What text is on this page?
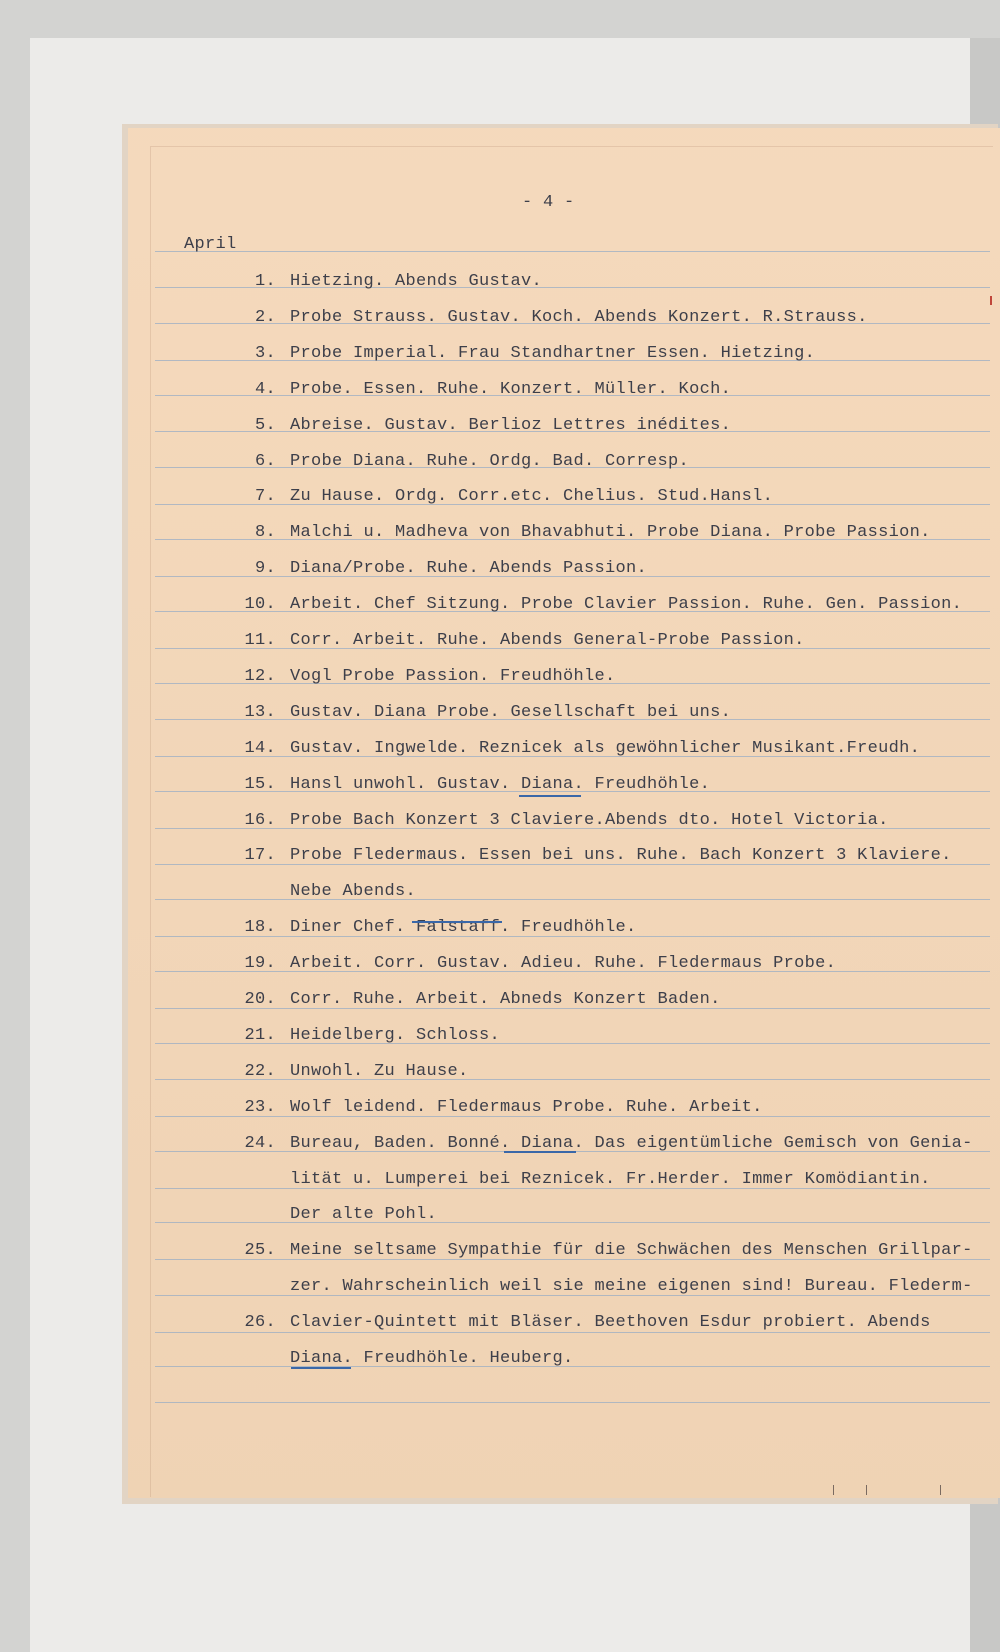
- 4 -
April
1. Hietzing. Abends Gustav.
2. Probe Strauss. Gustav. Koch. Abends Konzert. R.Strauss.
3. Probe Imperial. Frau Standhartner Essen. Hietzing.
4. Probe. Essen. Ruhe. Konzert. Müller. Koch.
5. Abreise. Gustav. Berlioz Lettres inédites.
6. Probe Diana. Ruhe. Ordg. Bad. Corresp.
7. Zu Hause. Ordg. Corr.etc. Chelius. Stud.Hansl.
8. Malchi u. Madheva von Bhavabhuti. Probe Diana. Probe Passion.
9. Diana/Probe. Ruhe. Abends Passion.
10. Arbeit. Chef Sitzung. Probe Clavier Passion. Ruhe. Gen. Passion.
11. Corr. Arbeit. Ruhe. Abends General-Probe Passion.
12. Vogl Probe Passion. Freudhöhle.
13. Gustav. Diana Probe. Gesellschaft bei uns.
14. Gustav. Ingwelde. Reznicek als gewöhnlicher Musikant.Freudh.
15. Hansl unwohl. Gustav. Diana. Freudhöhle.
16. Probe Bach Konzert 3 Claviere.Abends dto. Hotel Victoria.
17. Probe Fledermaus. Essen bei uns. Ruhe. Bach Konzert 3 Klaviere.
Nebe Abends.
18. Diner Chef. Falstaff. Freudhöhle.
19. Arbeit. Corr. Gustav. Adieu. Ruhe. Fledermaus Probe.
20. Corr. Ruhe. Arbeit. Abneds Konzert Baden.
21. Heidelberg. Schloss.
22. Unwohl. Zu Hause.
23. Wolf leidend. Fledermaus Probe. Ruhe. Arbeit.
24. Bureau, Baden. Bonné. Diana. Das eigentümliche Gemisch von Genia-
lität u. Lumperei bei Reznicek. Fr.Herder. Immer Komödiantin.
Der alte Pohl.
25. Meine seltsame Sympathie für die Schwächen des Menschen Grillpar-
zer. Wahrscheinlich weil sie meine eigenen sind! Bureau. Flederm-
26. Clavier-Quintett mit Bläser. Beethoven Esdur probiert. Abends
Diana. Freudhöhle. Heuberg.
